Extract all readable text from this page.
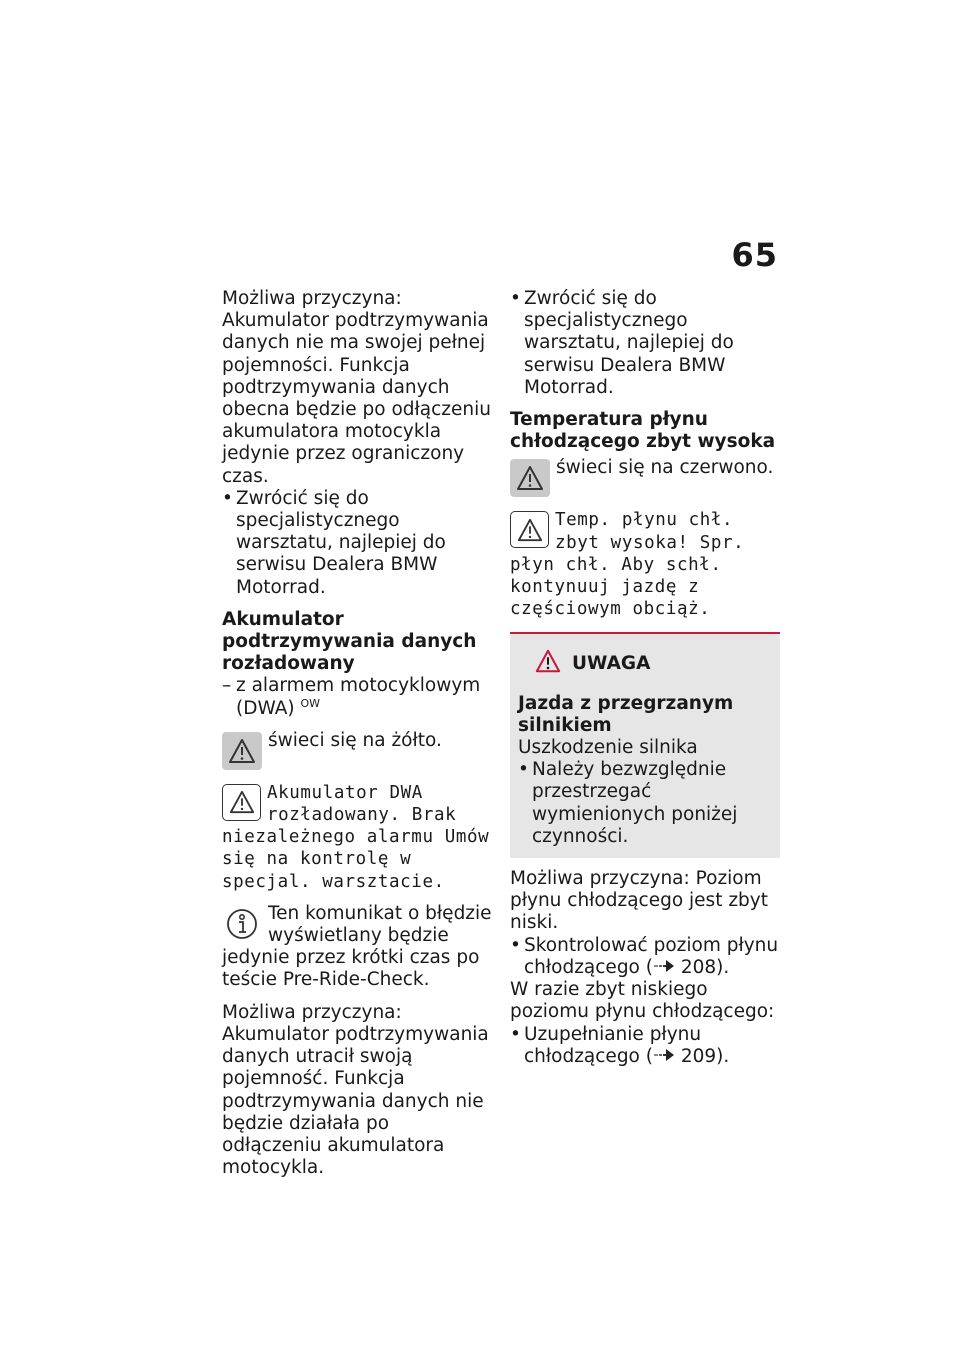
65

Możliwa przyczyna: Akumulator podtrzymywania danych nie ma swojej pełnej pojemności. Funkcja podtrzymywania danych obecna będzie po odłączeniu akumulatora motocykla jedynie przez ograniczony czas.

• Zwrócić się do specjalistycznego warsztatu, najlepiej do serwisu Dealera BMW Motorrad.

Akumulator podtrzymywania danych rozładowany

– z alarmem motocyklowym (DWA) $^{OW}$

świeci się na żółto.
Akumulator DWA rozładowany. Brak niezależnego alarmu Umów się na kontrolę w specjal. warsztacie.
Ten komunikat o błędzie wyświetlany będzie jedynie przez krótki czas po teście Pre-Ride-Check.

Możliwa przyczyna: Akumulator podtrzymywania danych utracił swoją pojemność. Funkcja podtrzymywania danych nie będzie działała po odłączeniu akumulatora motocykla.

• Zwrócić się do specjalistycznego warsztatu, najlepiej do serwisu Dealera BMW Motorrad.

Temperatura płynu chłodzącego zbyt wysoka

świeci się na czerwono.
Temp. płynu chł. zbyt wysoka! Spr. płyn chł. Aby schł. kontynuuj jazdę z częściowym obciąż.
UWAGA

Jazda z przegrzanym silnikiem

Uszkodzenie silnika

• Należy bezwzględnie przestrzegać wymienionych poniżej czynności.

Możliwa przyczyna: Poziom płynu chłodzącego jest zbyt niski.

• Skontrolować poziom płynu chłodzącego ( 208).

W razie zbyt niskiego poziomu płynu chłodzącego:

• Uzupełnianie płynu chłodzącego ( 209).
